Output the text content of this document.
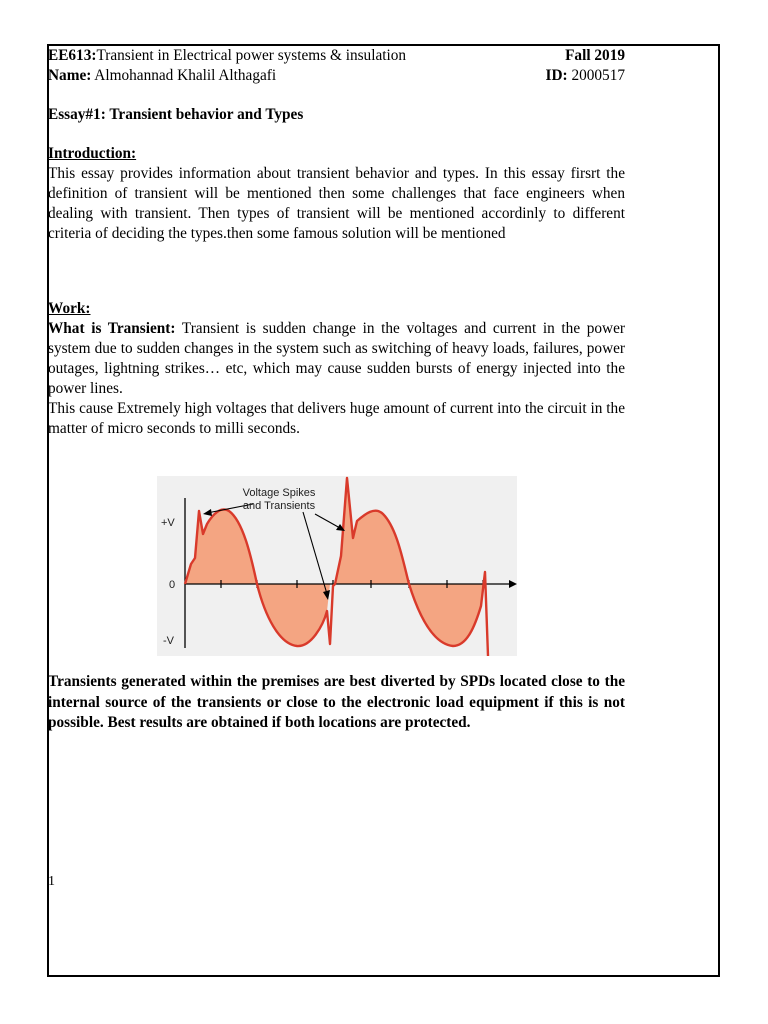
EE613:Transient in Electrical power systems & insulation	Fall 2019
Name: Almohannad Khalil Althagafi	ID: 2000517
Essay#1: Transient behavior and Types
Introduction:

This essay provides information about transient behavior and types. In this essay firsrt the definition of transient will be mentioned then some challenges that face engineers when dealing with transient. Then types of transient will be mentioned accordinly to different criteria of deciding the types.then some famous solution will be mentioned

Work:

What is Transient: Transient is sudden change in the voltages and current in the power system due to sudden changes in the system such as switching of heavy loads, failures, power outages, lightning strikes… etc, which may cause sudden bursts of energy injected into the power lines.

This cause Extremely high voltages that delivers huge amount of current into the circuit in the matter of micro seconds to milli seconds.

Voltage Spikes
and Transients
+V
0
-V

Transients generated within the premises are best diverted by SPDs located close to the internal source of the transients or close to the electronic load equipment if this is not possible. Best results are obtained if both locations are protected.

1
